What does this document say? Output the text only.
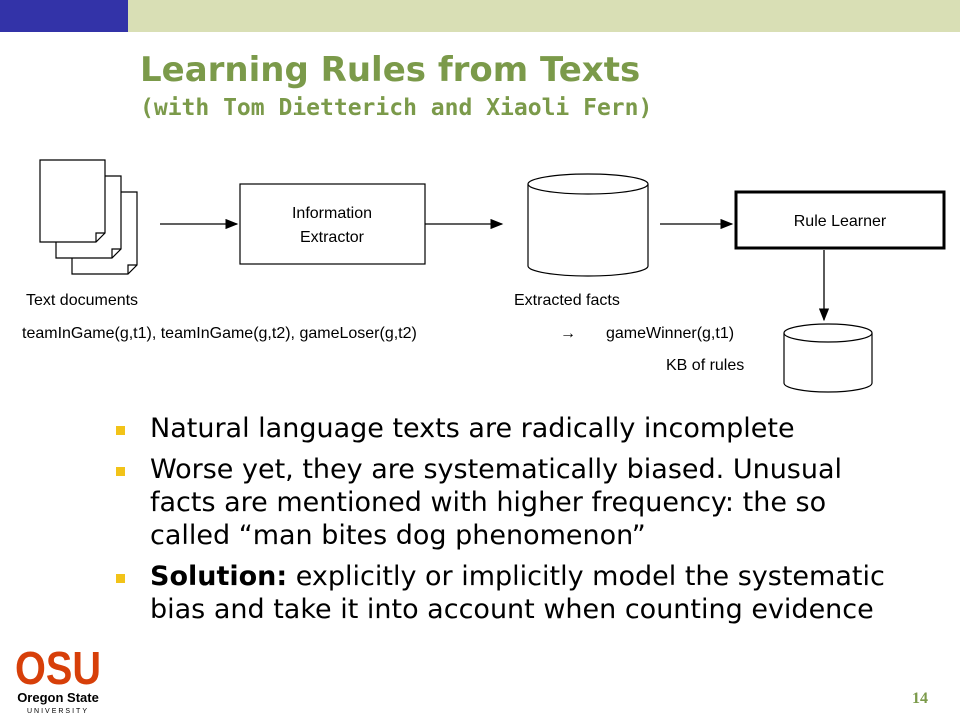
Learning Rules from Texts
(with Tom Dietterich and Xiaoli Fern)
Information
Extractor
Rule Learner
Text documents	Extracted facts
teamInGame(g,t1), teamInGame(g,t2), gameLoser(g,t2)	→ gameWinner(g,t1)
KB of rules
Natural language texts are radically incomplete
Worse yet, they are systematically biased. Unusual facts are mentioned with higher frequency: the so called “man bites dog phenomenon”
Solution: explicitly or implicitly model the systematic bias and take it into account when counting evidence
OSU
Oregon State
UNIVERSITY
14
